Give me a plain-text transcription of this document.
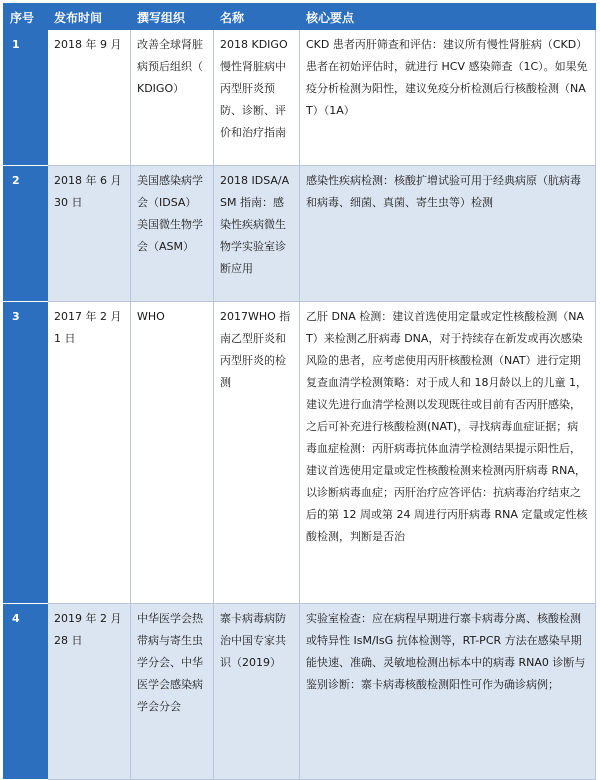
序号	发布时间	撰写组织	名称	核心要点
1	2018 年 9 月	改善全球肾脏病预后组织（ KDIGO）	2018 KDIGO 慢性肾脏病中丙型肝炎预防、诊断、评价和治疗指南	CKD 患者丙肝筛查和评估：建议所有慢性肾脏病（CKD）患者在初始评估时，就进行 HCV 感染筛查（1C）。如果免疫分析检测为阳性，建议免疫分析检测后行核酸检测（NAT）（1A）
2	2018 年 6 月 30 日	美国感染病学会（IDSA）美国微生物学会（ASM）	2018 IDSA/ASM 指南：感染性疾病微生物学实验室诊断应用	感染性疾病检测：核酸扩增试验可用于经典病原（肮病毒和病毒、细菌、真菌、寄生虫等）检测
3	2017 年 2 月 1 日	WHO	2017WHO 指南乙型肝炎和丙型肝炎的检测	乙肝 DNA 检测：建议首选使用定量或定性核酸检测（NAT）来检测乙肝病毒 DNA，对于持续存在新发或再次感染风险的患者，应考虑使用丙肝核酸检测（NAT）进行定期复查血清学检测策略：对于成人和 18月龄以上的儿童 1，建议先进行血清学检测以发现既往或目前有否丙肝感染，之后可补充进行核酸检测(NAT)，寻找病毒血症证据；病毒血症检测：丙肝病毒抗体血清学检测结果提示阳性后，建议首选使用定量或定性核酸检测来检测丙肝病毒 RNA，以诊断病毒血症；丙肝治疗应答评估：抗病毒治疗结束之后的第 12 周或第 24 周进行丙肝病毒 RNA 定量或定性核酸检测，判断是否治
4	2019 年 2 月 28 日	中华医学会热带病与寄生虫学分会、中华医学会感染病学会分会	寨卡病毒病防治中国专家共识（2019）	实验室检查：应在病程早期进行寨卡病毒分离、核酸检测或特异性 IsM/IsG 抗体检测等，RT-PCR 方法在感染早期能快速、准确、灵敏地检测出标本中的病毒 RNA0 诊断与鉴别诊断：寨卡病毒核酸检测阳性可作为确诊病例；
